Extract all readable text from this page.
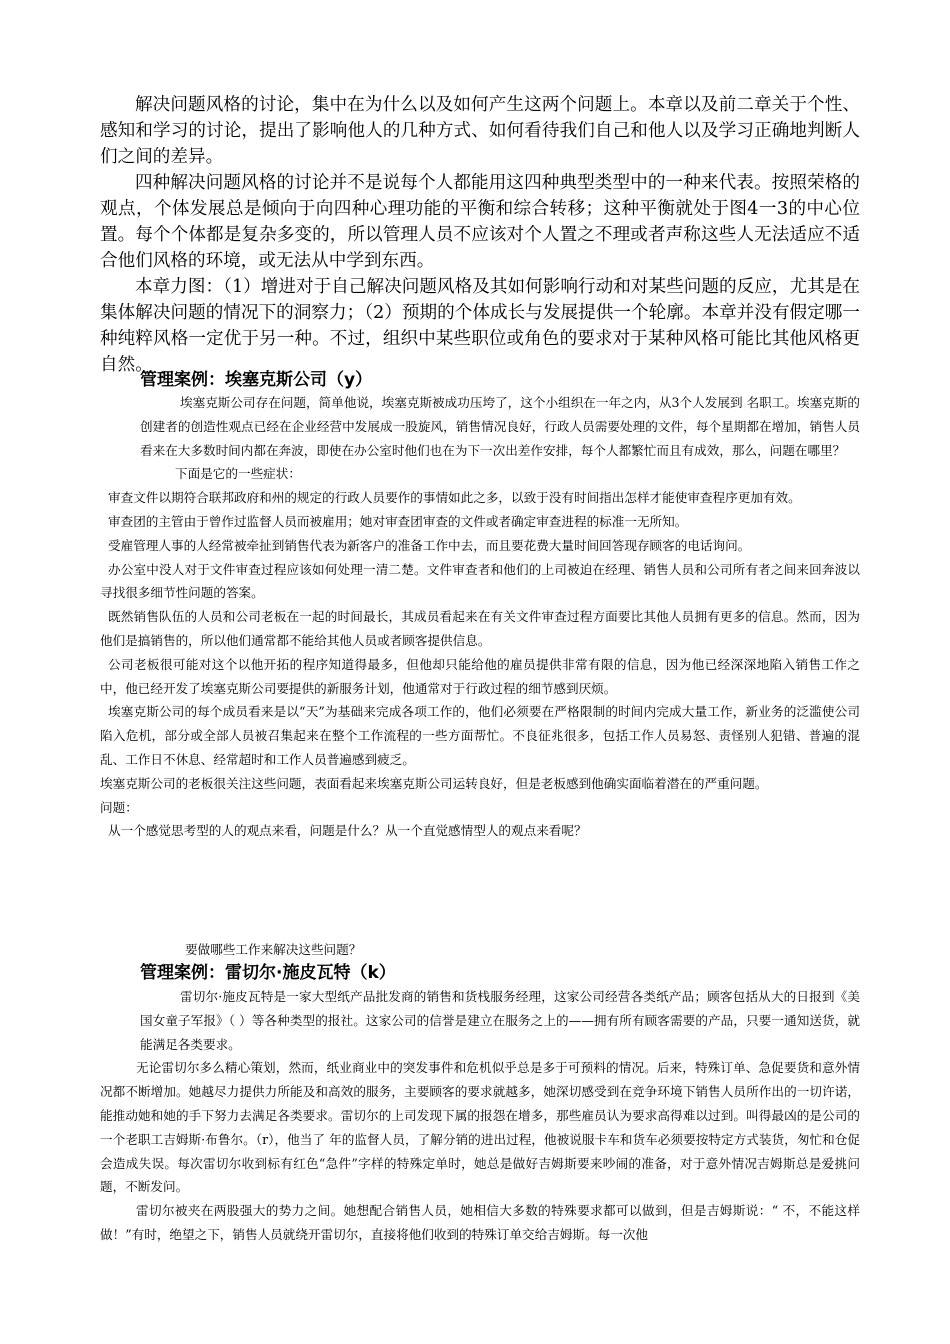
解决问题风格的讨论，集中在为什么以及如何产生这两个问题上。本章以及前二章关于个性、感知和学习的讨论，提出了影响他人的几种方式、如何看待我们自己和他人以及学习正确地判断人们之间的差异。

四种解决问题风格的讨论并不是说每个人都能用这四种典型类型中的一种来代表。按照荣格的观点，个体发展总是倾向于向四种心理功能的平衡和综合转移；这种平衡就处于图4一3的中心位置。每个个体都是复杂多变的，所以管理人员不应该对个人置之不理或者声称这些人无法适应不适合他们风格的环境，或无法从中学到东西。

本章力图：（1）增进对于自己解决问题风格及其如何影响行动和对某些问题的反应，尤其是在集体解决问题的情况下的洞察力；（2）预期的个体成长与发展提供一个轮廓。本章并没有假定哪一种纯粹风格一定优于另一种。不过，组织中某些职位或角色的要求对于某种风格可能比其他风格更自然。

管理案例：埃塞克斯公司（y）

埃塞克斯公司存在问题，简单他说，埃塞克斯被成功压垮了，这个小组织在一年之内，从3个人发展到 名职工。埃塞克斯的创建者的创造性观点已经在企业经营中发展成一股旋风，销售情况良好，行政人员需要处理的文件，每个星期都在增加，销售人员看来在大多数时间内都在奔波，即使在办公室时他们也在为下一次出差作安排，每个人都繁忙而且有成效，那么，问题在哪里？

下面是它的一些症状：

审查文件以期符合联邦政府和州的规定的行政人员要作的事情如此之多，以致于没有时间指出怎样才能使审查程序更加有效。

审查团的主管由于曾作过监督人员而被雇用；她对审查团审查的文件或者确定审查进程的标准一无所知。

受雇管理人事的人经常被牵扯到销售代表为新客户的准备工作中去，而且要花费大量时间回答现存顾客的电话询问。

办公室中没人对于文件审查过程应该如何处理一清二楚。文件审查者和他们的上司被迫在经理、销售人员和公司所有者之间来回奔波以寻找很多细节性问题的答案。

既然销售队伍的人员和公司老板在一起的时间最长，其成员看起来在有关文件审查过程方面要比其他人员拥有更多的信息。然而，因为他们是搞销售的，所以他们通常都不能给其他人员或者顾客提供信息。

公司老板很可能对这个以他开拓的程序知道得最多，但他却只能给他的雇员提供非常有限的信息，因为他已经深深地陷入销售工作之中，他已经开发了埃塞克斯公司要提供的新服务计划，他通常对于行政过程的细节感到厌烦。

埃塞克斯公司的每个成员看来是以“天”为基础来完成各项工作的，他们必须要在严格限制的时间内完成大量工作，新业务的泛滥使公司陷入危机，部分或全部人员被召集起来在整个工作流程的一些方面帮忙。不良征兆很多，包括工作人员易怒、责怪别人犯错、普遍的混乱、工作日不休息、经常超时和工作人员普遍感到疲乏。

埃塞克斯公司的老板很关注这些问题，表面看起来埃塞克斯公司运转良好，但是老板感到他确实面临着潜在的严重问题。

问题：

从一个感觉思考型的人的观点来看，问题是什么？从一个直觉感情型人的观点来看呢？

要做哪些工作来解决这些问题？

管理案例：雷切尔·施皮瓦特（k）

雷切尔·施皮瓦特是一家大型纸产品批发商的销售和货栈服务经理，这家公司经营各类纸产品；顾客包括从大的日报到《美国女童子军报》（ ）等各种类型的报社。这家公司的信誉是建立在服务之上的——拥有所有顾客需要的产品，只要一通知送货，就能满足各类要求。

无论雷切尔多么精心策划，然而，纸业商业中的突发事件和危机似乎总是多于可预料的情况。后来，特殊订单、急促要货和意外情况都不断增加。她越尽力提供力所能及和高效的服务，主要顾客的要求就越多，她深切感受到在竞争环境下销售人员所作出的一切许诺，能推动她和她的手下努力去满足各类要求。雷切尔的上司发现下属的报怨在增多，那些雇员认为要求高得难以过到。叫得最凶的是公司的一个老职工吉姆斯·布鲁尔。（r），他当了 年的监督人员，了解分销的进出过程，他被说服卡车和货车必须要按特定方式装货，匆忙和仓促会造成失误。每次雷切尔收到标有红色“急件”字样的特殊定单时，她总是做好吉姆斯要来吵闹的准备，对于意外情况吉姆斯总是爱挑问题，不断发问。

雷切尔被夹在两股强大的势力之间。她想配合销售人员，她相信大多数的特殊要求都可以做到，但是吉姆斯说：“ 不，不能这样做！”有时，绝望之下，销售人员就绕开雷切尔，直接将他们收到的特殊订单交给吉姆斯。每一次他
